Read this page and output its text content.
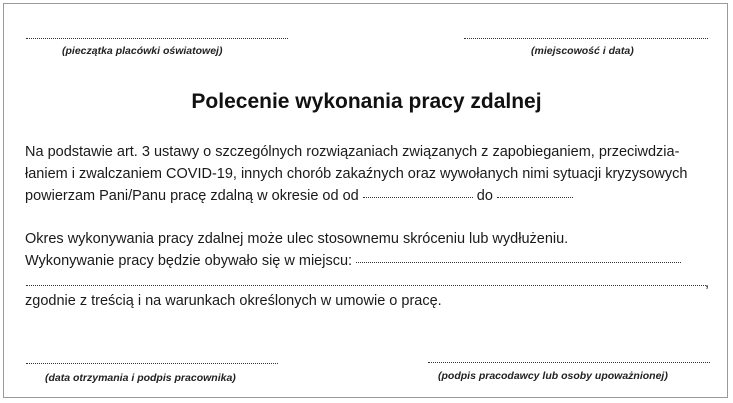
(pieczątka placówki oświatowej)	(miejscowość i data)
Polecenie wykonania pracy zdalnej
Na podstawie art. 3 ustawy o szczególnych rozwiązaniach związanych z zapobieganiem, przeciwdzia-
łaniem i zwalczaniem COVID-19, innych chorób zakaźnych oraz wywołanych nimi sytuacji kryzysowych
powierzam Pani/Panu pracę zdalną w okresie od od	do
Okres wykonywania pracy zdalnej może ulec stosownemu skróceniu lub wydłużeniu.
Wykonywanie pracy będzie obywało się w miejscu:
,
zgodnie z treścią i na warunkach określonych w umowie o pracę.
(data otrzymania i podpis pracownika)	(podpis pracodawcy lub osoby upoważnionej)
